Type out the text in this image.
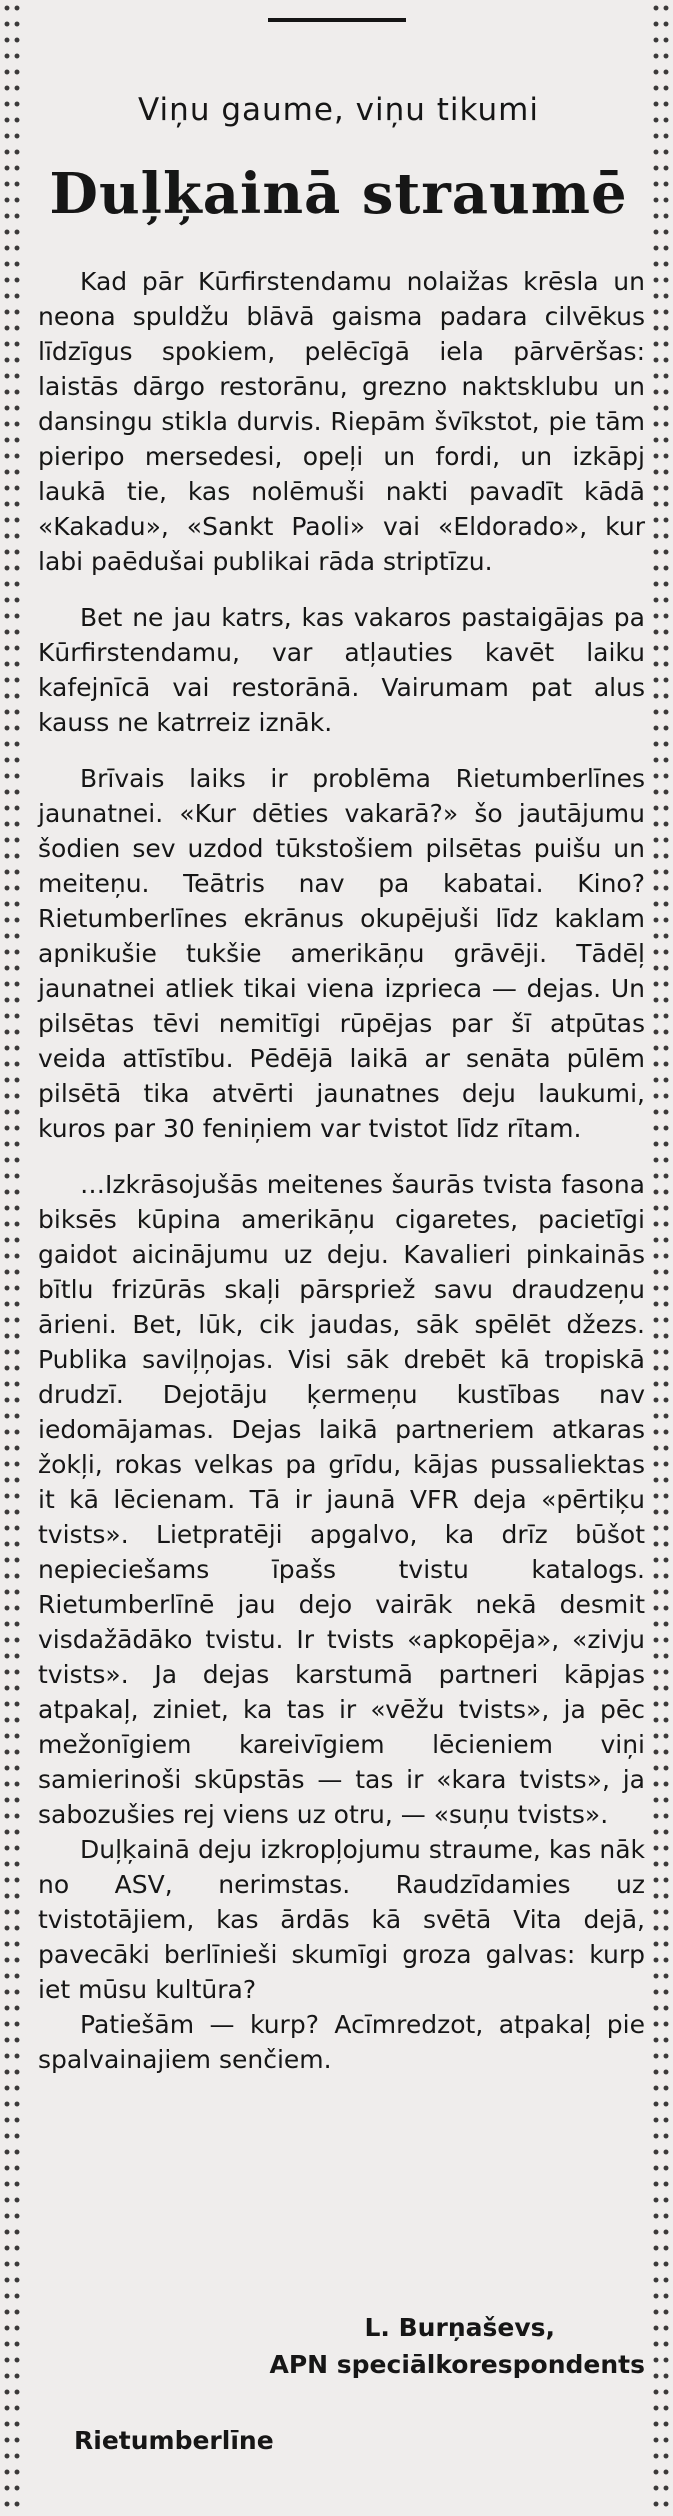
Viņu gaume, viņu tikumi
Duļķainā straumē

Kad pār Kūrfirstendamu nolaižas krēsla un neona spuldžu blāvā gaisma padara cilvēkus līdzīgus spokiem, pelēcīgā iela pārvēršas: laistās dārgo restorānu, grezno naktsklubu un dansingu stikla durvis. Riepām švīkstot, pie tām pieripo mersedesi, opeļi un fordi, un izkāpj laukā tie, kas nolēmuši nakti pavadīt kādā «Kakadu», «Sankt Paoli» vai «Eldorado», kur labi paēdušai publikai rāda striptīzu.

Bet ne jau katrs, kas vakaros pastaigājas pa Kūrfirstendamu, var atļauties kavēt laiku kafejnīcā vai restorānā. Vairumam pat alus kauss ne katrreiz iznāk.

Brīvais laiks ir problēma Rietumberlīnes jaunatnei. «Kur dēties vakarā?» šo jautājumu šodien sev uzdod tūkstošiem pilsētas puišu un meiteņu. Teātris nav pa kabatai. Kino? Rietumberlīnes ekrānus okupējuši līdz kaklam apnikušie tukšie amerikāņu grāvēji. Tādēļ jaunatnei atliek tikai viena izprieca — dejas. Un pilsētas tēvi nemitīgi rūpējas par šī atpūtas veida attīstību. Pēdējā laikā ar senāta pūlēm pilsētā tika atvērti jaunatnes deju laukumi, kuros par 30 feniņiem var tvistot līdz rītam.

…Izkrāsojušās meitenes šaurās tvista fasona biksēs kūpina amerikāņu cigaretes, pacietīgi gaidot aicinājumu uz deju. Kavalieri pinkainās bītlu frizūrās skaļi pārspriež savu draudzeņu ārieni. Bet, lūk, cik jaudas, sāk spēlēt džezs. Publika saviļņojas. Visi sāk drebēt kā tropiskā drudzī. Dejotāju ķermeņu kustības nav iedomājamas. Dejas laikā partneriem atkaras žokļi, rokas velkas pa grīdu, kājas pussaliektas it kā lēcienam. Tā ir jaunā VFR deja «pērtiķu tvists». Lietpratēji apgalvo, ka drīz būšot nepieciešams īpašs tvistu katalogs. Rietumberlīnē jau dejo vairāk nekā desmit visdažādāko tvistu. Ir tvists «apkopēja», «zivju tvists». Ja dejas karstumā partneri kāpjas atpakaļ, ziniet, ka tas ir «vēžu tvists», ja pēc mežonīgiem kareivīgiem lēcieniem viņi samierinoši skūpstās — tas ir «kara tvists», ja sabozušies rej viens uz otru, — «suņu tvists».

Duļķainā deju izkropļojumu straume, kas nāk no ASV, nerimstas. Raudzīdamies uz tvistotājiem, kas ārdās kā svētā Vita dejā, pavecāki berlīnieši skumīgi groza galvas: kurp iet mūsu kultūra?

Patiešām — kurp? Acīmredzot, atpakaļ pie spalvainajiem senčiem.

L. Burņaševs,
APN speciālkorespondents
Rietumberlīne
